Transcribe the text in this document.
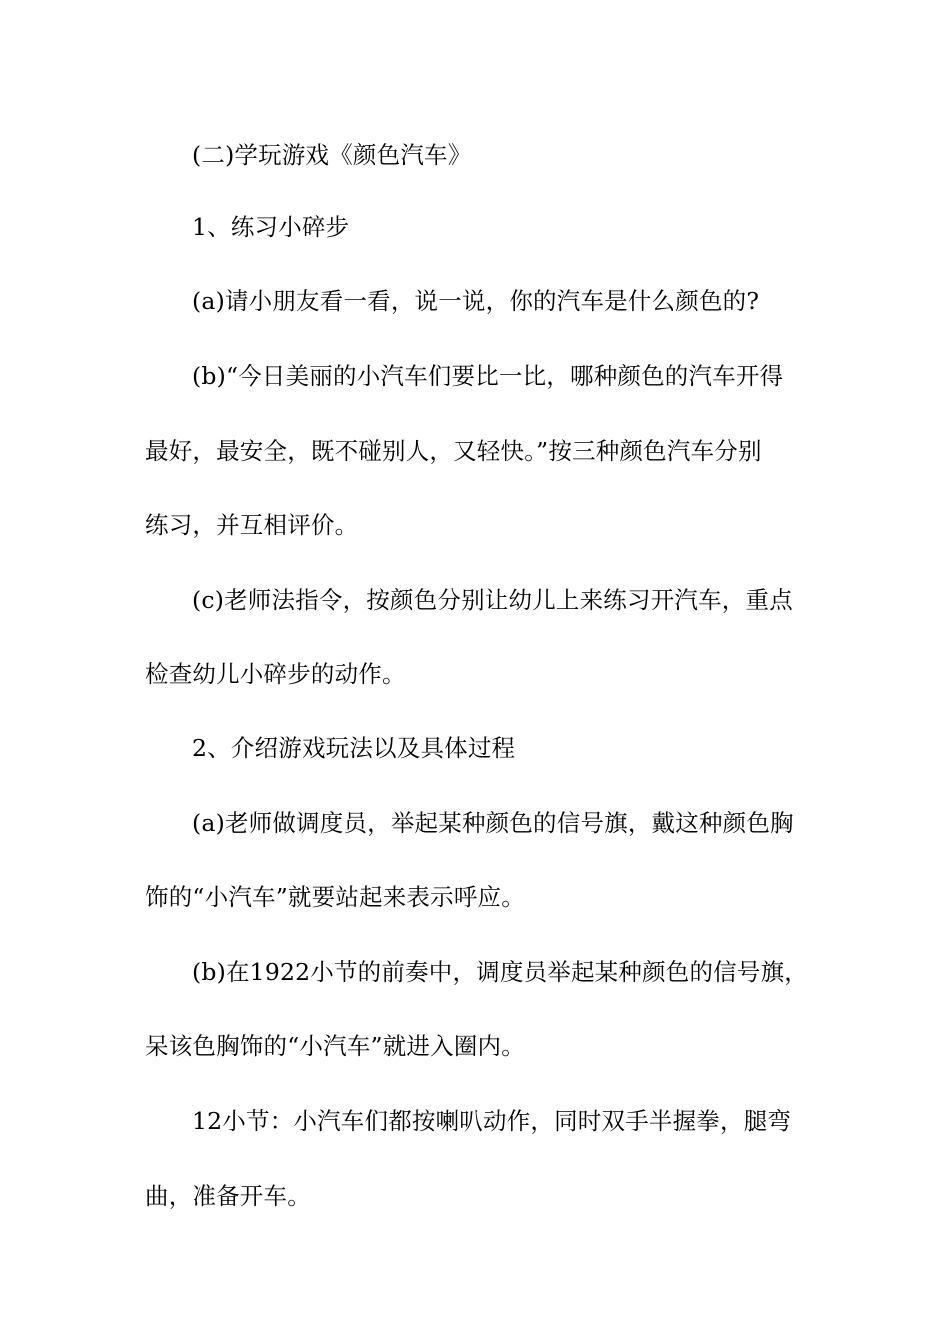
(二)学玩游戏《颜色汽车》
1、练习小碎步
(a)请小朋友看一看，说一说，你的汽车是什么颜色的?
(b)“今日美丽的小汽车们要比一比，哪种颜色的汽车开得
最好，最安全，既不碰别人，又轻快。”按三种颜色汽车分别
练习，并互相评价。
(c)老师法指令，按颜色分别让幼儿上来练习开汽车，重点
检查幼儿小碎步的动作。
2、介绍游戏玩法以及具体过程
(a)老师做调度员，举起某种颜色的信号旗，戴这种颜色胸
饰的“小汽车”就要站起来表示呼应。
(b)在1922小节的前奏中，调度员举起某种颜色的信号旗，
呆该色胸饰的“小汽车”就进入圈内。
12小节：小汽车们都按喇叭动作，同时双手半握拳，腿弯
曲，准备开车。
